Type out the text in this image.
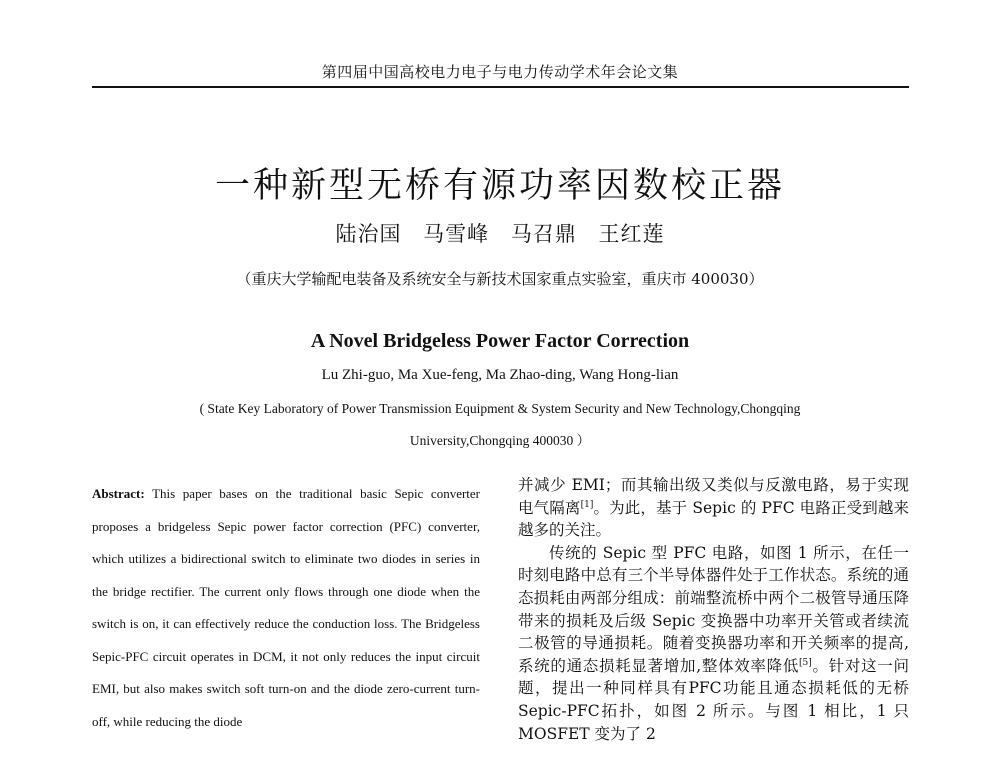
第四届中国高校电力电子与电力传动学术年会论文集
一种新型无桥有源功率因数校正器
陆治国 马雪峰 马召鼎 王红莲
（重庆大学输配电装备及系统安全与新技术国家重点实验室，重庆市 400030）
A Novel Bridgeless Power Factor Correction
Lu Zhi-guo, Ma Xue-feng, Ma Zhao-ding, Wang Hong-lian
( State Key Laboratory of Power Transmission Equipment & System Security and New Technology,Chongqing
University,Chongqing 400030 ）

Abstract: This paper bases on the traditional basic Sepic converter proposes a bridgeless Sepic power factor correction (PFC) converter, which utilizes a bidirectional switch to eliminate two diodes in series in the bridge rectifier. The current only flows through one diode when the switch is on, it can effectively reduce the conduction loss. The Bridgeless Sepic-PFC circuit operates in DCM, it not only reduces the input circuit EMI, but also makes switch soft turn-on and the diode zero-current turn-off, while reducing the diode

并减少 EMI；而其输出级又类似与反激电路，易于实现电气隔离[1]。为此，基于 Sepic 的 PFC 电路正受到越来越多的关注。

传统的 Sepic 型 PFC 电路，如图 1 所示，在任一时刻电路中总有三个半导体器件处于工作状态。系统的通态损耗由两部分组成：前端整流桥中两个二极管导通压降带来的损耗及后级 Sepic 变换器中功率开关管或者续流二极管的导通损耗。随着变换器功率和开关频率的提高,系统的通态损耗显著增加,整体效率降低[5]。针对这一问题，提出一种同样具有PFC功能且通态损耗低的无桥 Sepic-PFC拓扑，如图 2 所示。与图 1 相比，1 只 MOSFET 变为了 2
